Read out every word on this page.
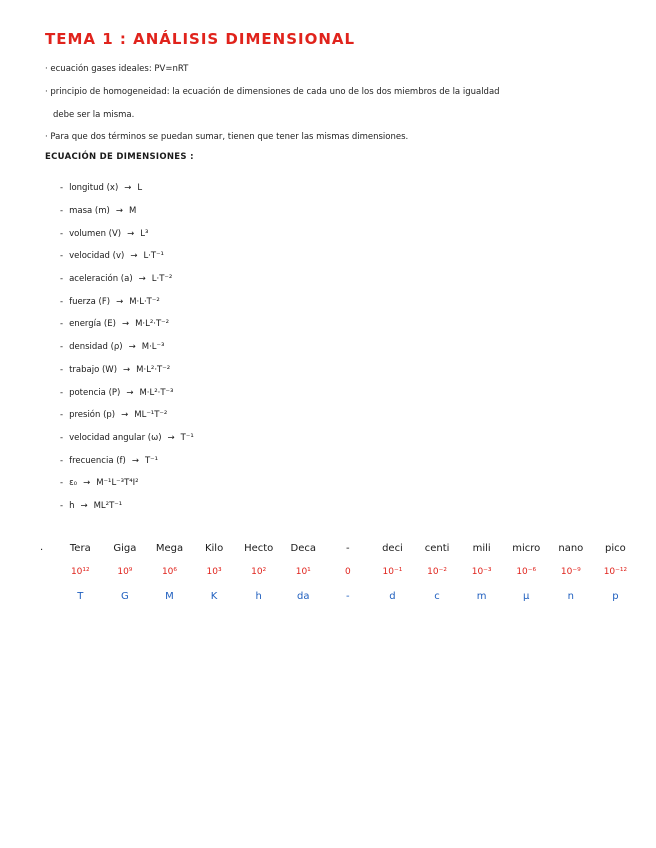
TEMA 1 : ANÁLISIS DIMENSIONAL
· ecuación gases ideales: PV=nRT
· principio de homogeneidad: la ecuación de dimensiones de cada uno de los dos miembros de la igualdad
debe ser la misma.
· Para que dos términos se puedan sumar, tienen que tener las mismas dimensiones.
ECUACIÓN DE DIMENSIONES :
- longitud (x) → L
- masa (m) → M
- volumen (V) → L³
- velocidad (v) → L·T⁻¹
- aceleración (a) → L·T⁻²
- fuerza (F) → M·L·T⁻²
- energía (E) → M·L²·T⁻²
- densidad (ρ) → M·L⁻³
- trabajo (W) → M·L²·T⁻²
- potencia (P) → M·L²·T⁻³
- presión (p) → ML⁻¹T⁻²
- velocidad angular (ω) → T⁻¹
- frecuencia (f) → T⁻¹
- ε₀ → M⁻¹L⁻³T⁴I²
- h → ML²T⁻¹
·	Tera	Giga	Mega	Kilo	Hecto	Deca	-	deci	centi	mili	micro	nano	pico
10¹²	10⁹	10⁶	10³	10²	10¹	0	10⁻¹	10⁻²	10⁻³	10⁻⁶	10⁻⁹	10⁻¹²
T	G	M	K	h	da	-	d	c	m	μ	n	p
